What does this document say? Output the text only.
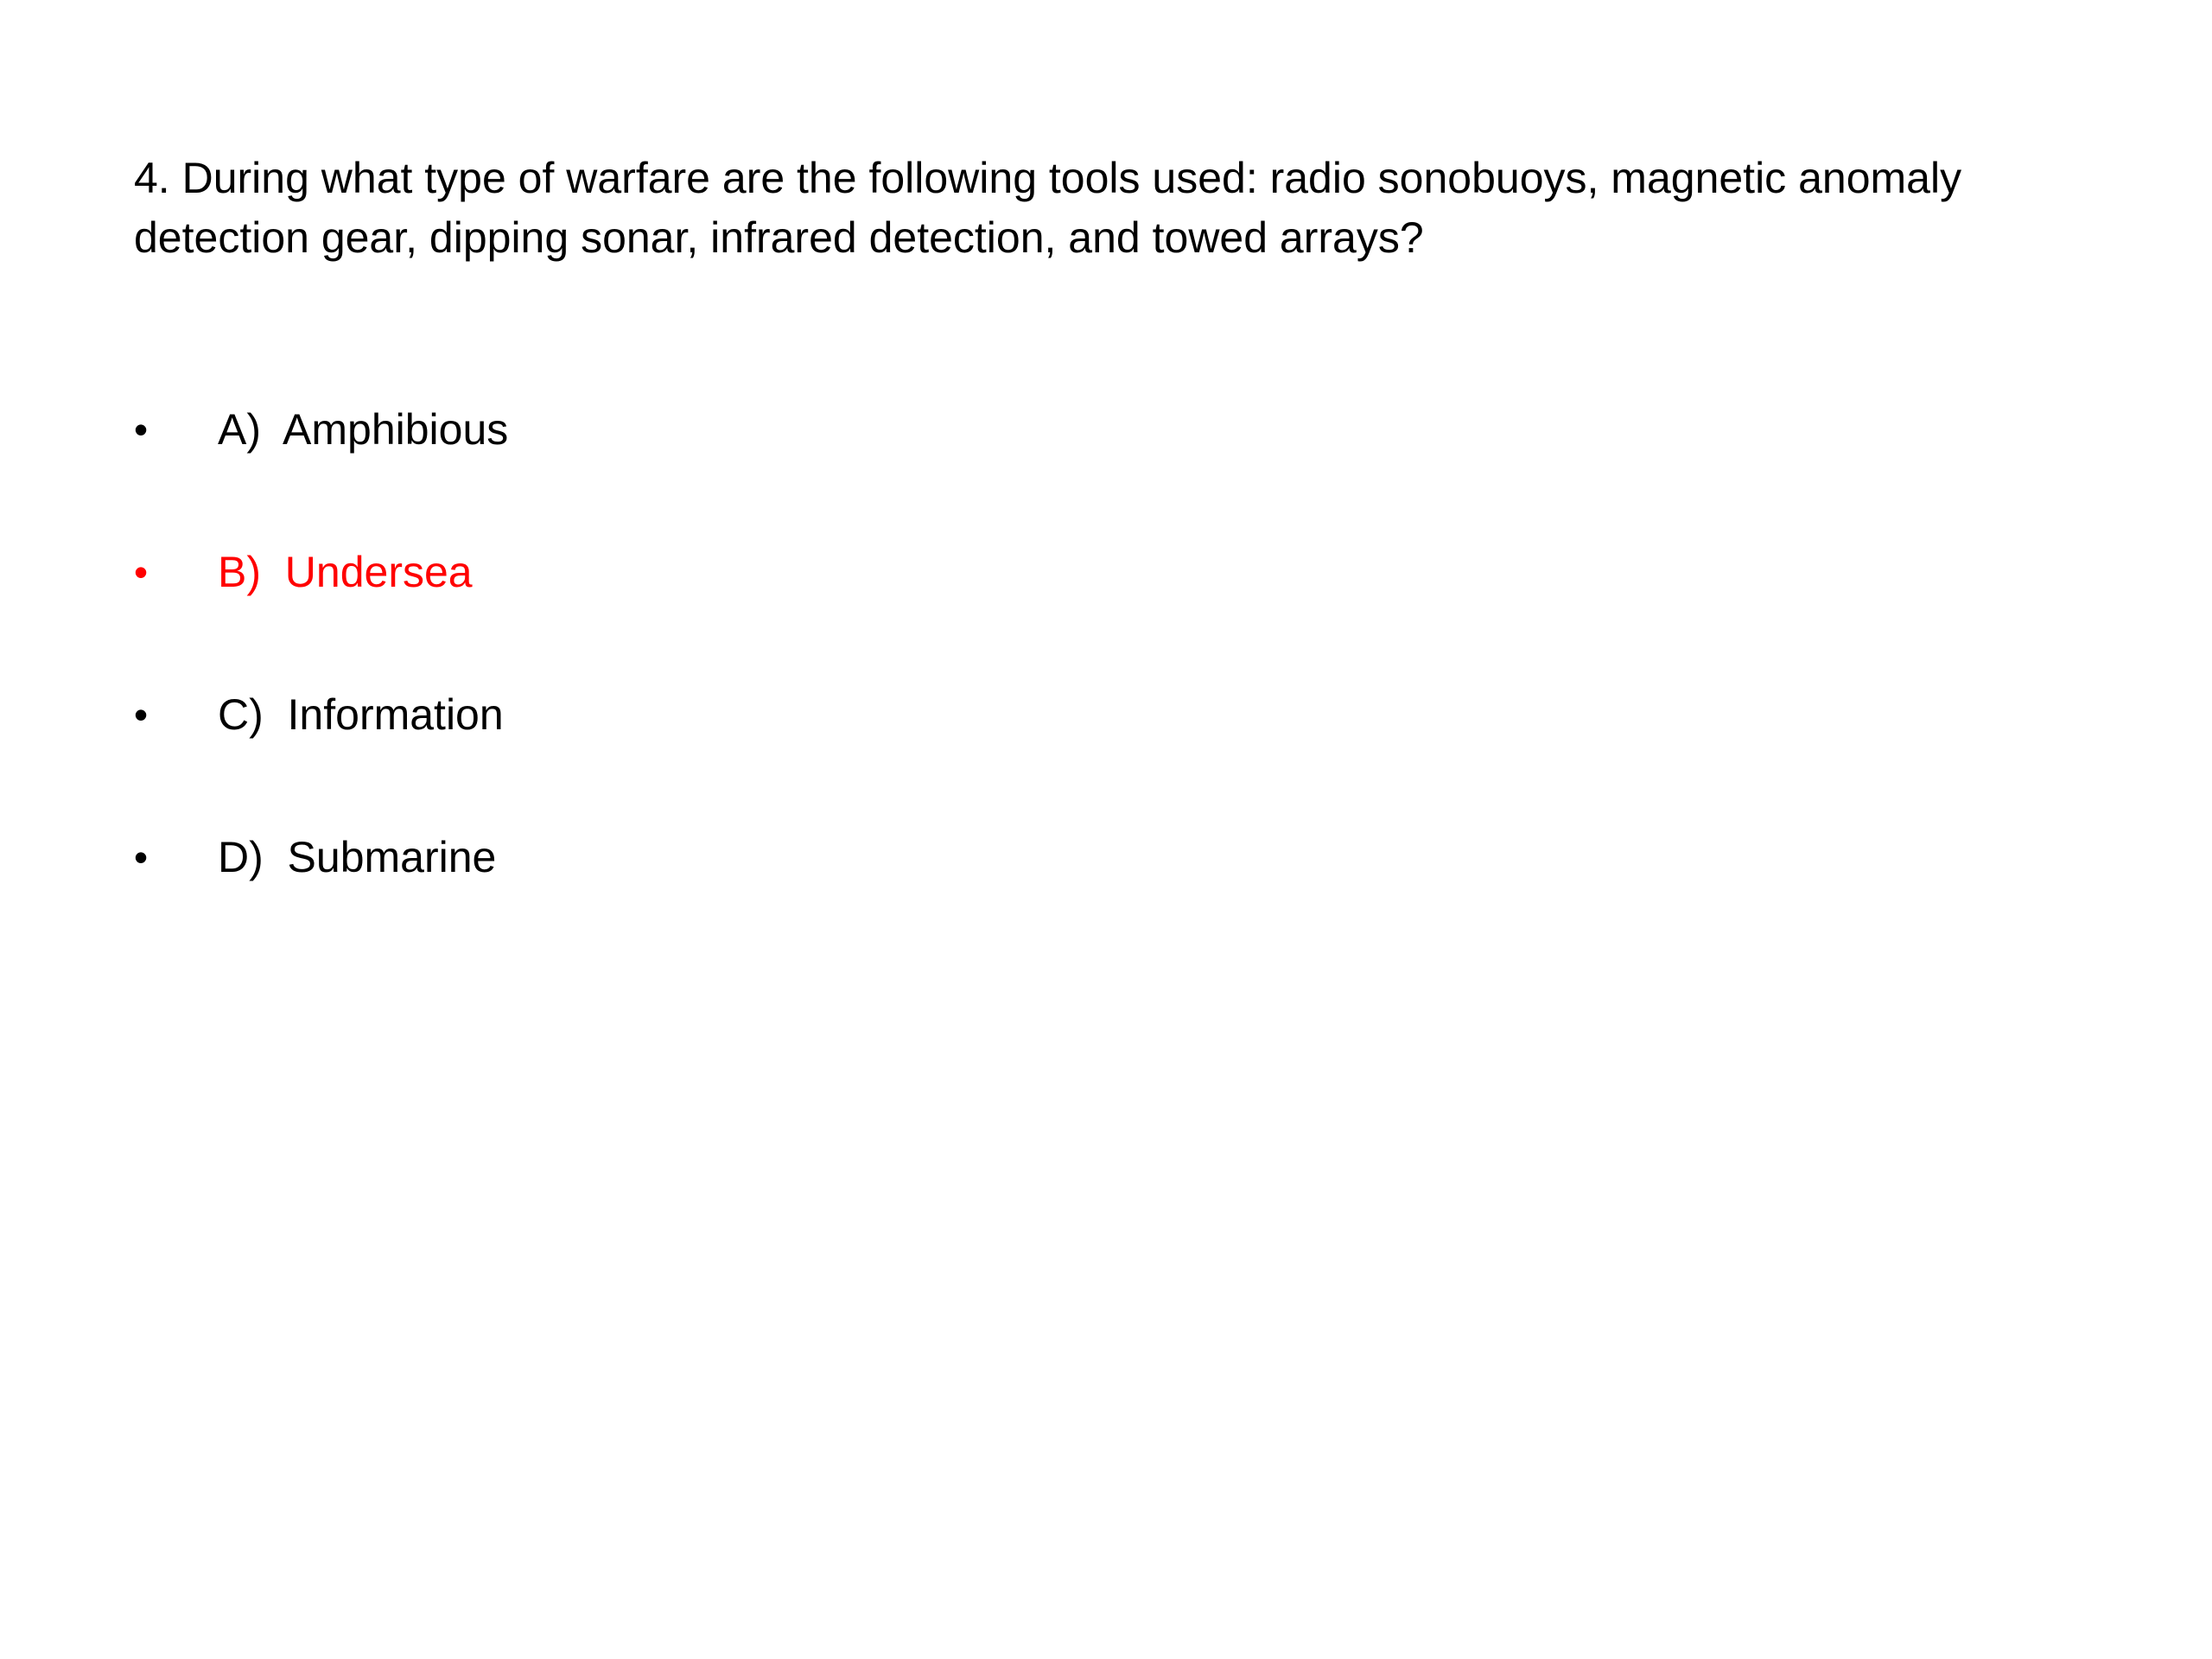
4. During what type of warfare are the following tools used: radio sonobuoys, magnetic anomaly detection gear, dipping sonar, infrared detection, and towed arrays?

•	A)  Amphibious
•	B)  Undersea
•	C)  Information
•	D)  Submarine
